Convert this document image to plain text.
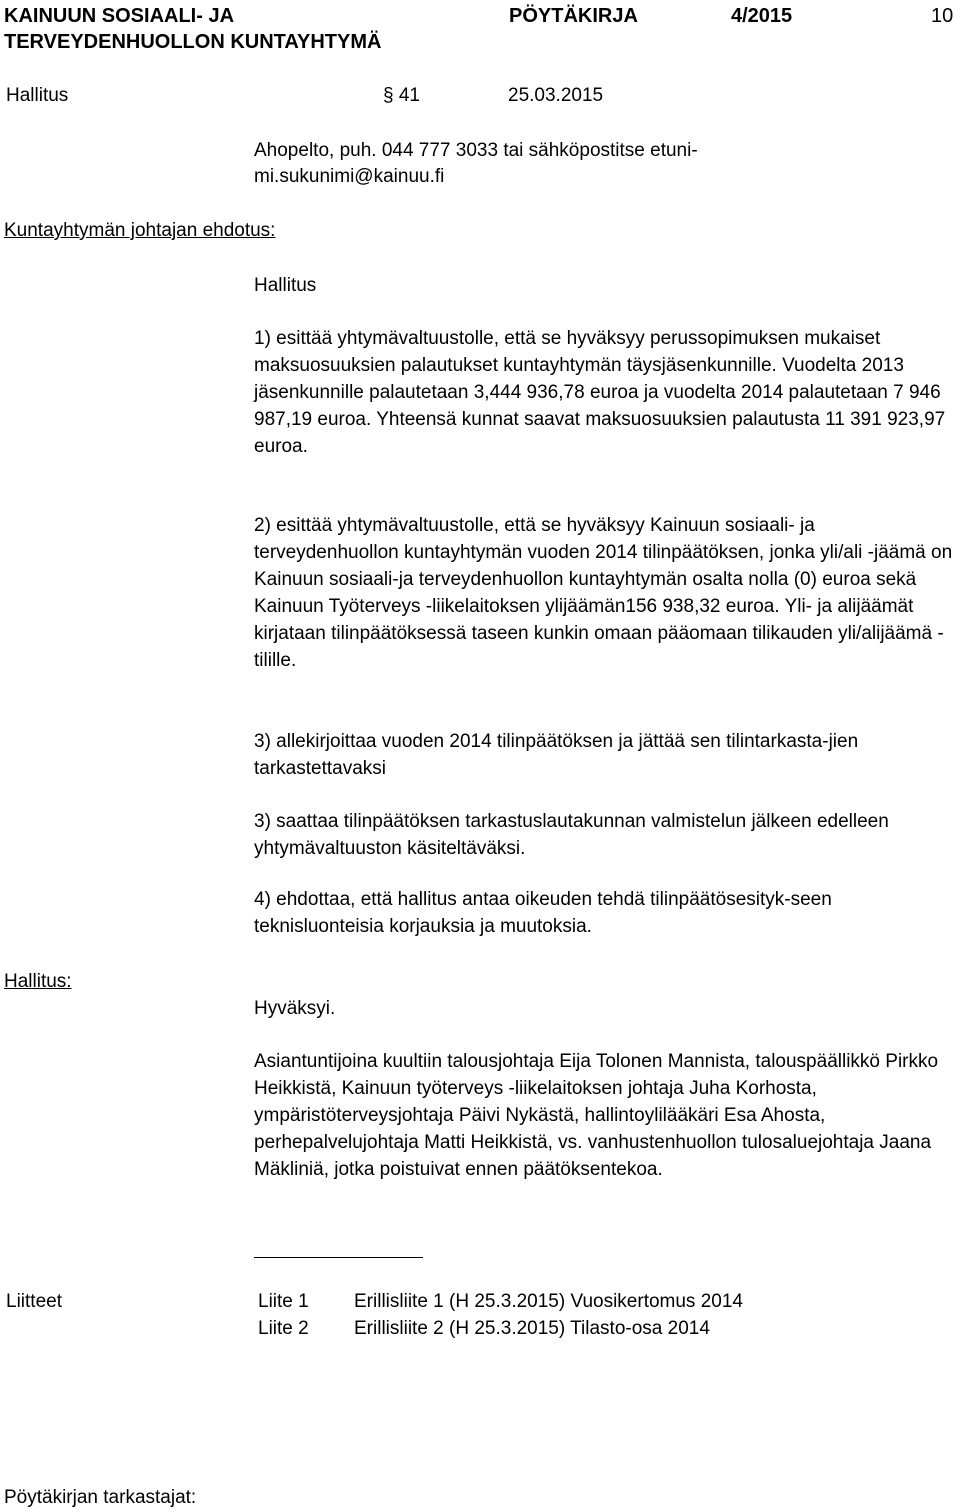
KAINUUN SOSIAALI- JA
TERVEYDENHUOLLON KUNTAYHTYMÄ
PÖYTÄKIRJA	4/2015	10
Hallitus	§ 41	25.03.2015
Ahopelto, puh. 044 777 3033 tai sähköpostitse etuni-
mi.sukunimi@kainuu.fi
Kuntayhtymän johtajan ehdotus:
Hallitus

1) esittää yhtymävaltuustolle, että se hyväksyy perussopimuksen mukaiset maksuosuuksien palautukset kuntayhtymän täysjäsenkunnille. Vuodelta 2013 jäsenkunnille palautetaan 3,444 936,78 euroa ja vuodelta 2014 palautetaan 7 946 987,19 euroa. Yhteensä kunnat saavat maksuosuuksien palautusta 11 391 923,97 euroa.

2) esittää yhtymävaltuustolle, että se hyväksyy Kainuun sosiaali- ja terveydenhuollon kuntayhtymän vuoden 2014 tilinpäätöksen, jonka yli/ali -jäämä on Kainuun sosiaali-ja terveydenhuollon kuntayhtymän osalta nolla (0) euroa sekä Kainuun Työterveys -liikelaitoksen ylijäämän156 938,32 euroa. Yli- ja alijäämät kirjataan tilinpäätöksessä taseen kunkin omaan pääomaan tilikauden yli/alijäämä -tilille.

3) allekirjoittaa vuoden 2014 tilinpäätöksen ja jättää sen tilintarkasta-jien tarkastettavaksi

3) saattaa tilinpäätöksen tarkastuslautakunnan valmistelun jälkeen edelleen yhtymävaltuuston käsiteltäväksi.

4) ehdottaa, että hallitus antaa oikeuden tehdä tilinpäätösesityk-seen teknisluonteisia korjauksia ja muutoksia.

Hallitus:
Hyväksyi.

Asiantuntijoina kuultiin talousjohtaja Eija Tolonen Mannista, talouspäällikkö Pirkko Heikkistä, Kainuun työterveys -liikelaitoksen johtaja Juha Korhosta, ympäristöterveysjohtaja Päivi Nykästä, hallintoylilääkäri Esa Ahosta, perhepalvelujohtaja Matti Heikkistä, vs. vanhustenhuollon tulosaluejohtaja Jaana Mäkliniä, jotka poistuivat ennen päätöksentekoa.

Liitteet	Liite 1 Erillisliite 1 (H 25.3.2015) Vuosikertomus 2014
Liite 2 Erillisliite 2 (H 25.3.2015) Tilasto-osa 2014
Pöytäkirjan tarkastajat:
